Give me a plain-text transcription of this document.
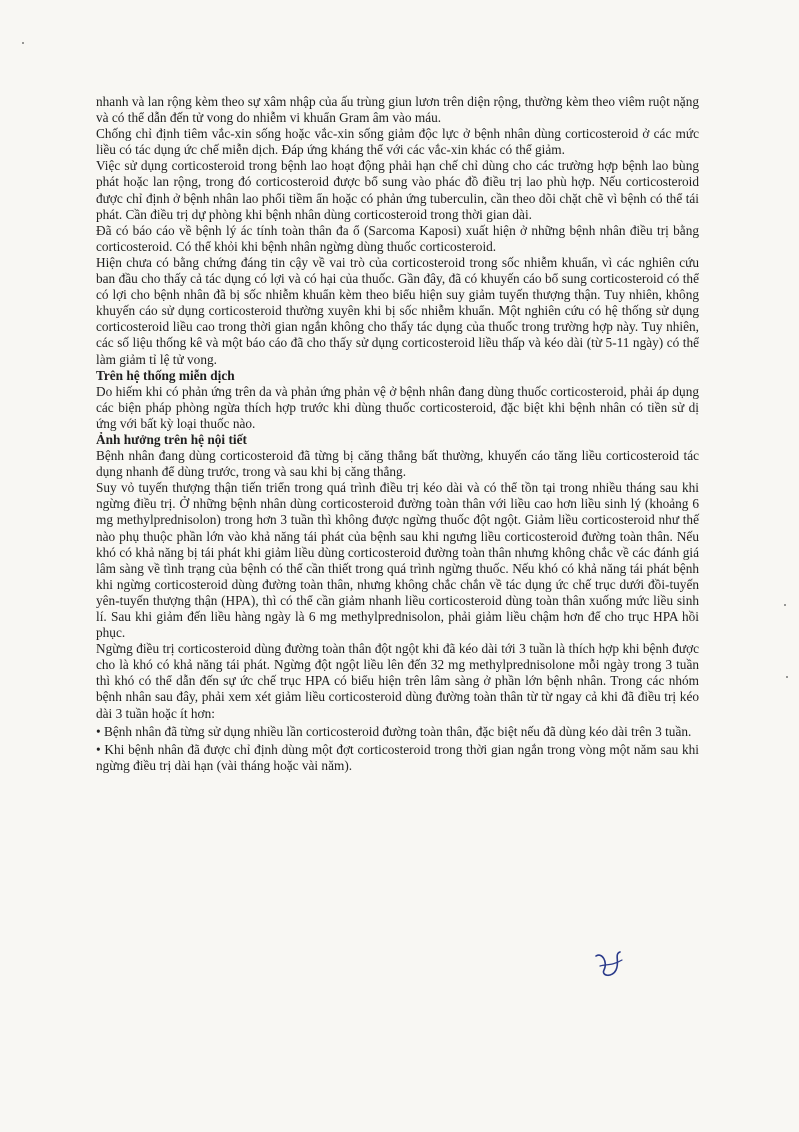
nhanh và lan rộng kèm theo sự xâm nhập của ấu trùng giun lươn trên diện rộng, thường kèm theo viêm ruột nặng và có thể dẫn đến tử vong do nhiễm vi khuẩn Gram âm vào máu.

Chống chỉ định tiêm vắc-xin sống hoặc vắc-xin sống giảm độc lực ở bệnh nhân dùng corticosteroid ở các mức liều có tác dụng ức chế miễn dịch. Đáp ứng kháng thể với các vắc-xin khác có thể giảm.

Việc sử dụng corticosteroid trong bệnh lao hoạt động phải hạn chế chỉ dùng cho các trường hợp bệnh lao bùng phát hoặc lan rộng, trong đó corticosteroid được bổ sung vào phác đồ điều trị lao phù hợp. Nếu corticosteroid được chỉ định ở bệnh nhân lao phổi tiềm ẩn hoặc có phản ứng tuberculin, cần theo dõi chặt chẽ vì bệnh có thể tái phát. Cần điều trị dự phòng khi bệnh nhân dùng corticosteroid trong thời gian dài.

Đã có báo cáo về bệnh lý ác tính toàn thân đa ổ (Sarcoma Kaposi) xuất hiện ở những bệnh nhân điều trị bằng corticosteroid. Có thể khỏi khi bệnh nhân ngừng dùng thuốc corticosteroid.

Hiện chưa có bằng chứng đáng tin cậy về vai trò của corticosteroid trong sốc nhiễm khuẩn, vì các nghiên cứu ban đầu cho thấy cả tác dụng có lợi và có hại của thuốc. Gần đây, đã có khuyến cáo bổ sung corticosteroid có thể có lợi cho bệnh nhân đã bị sốc nhiễm khuẩn kèm theo biểu hiện suy giảm tuyến thượng thận. Tuy nhiên, không khuyến cáo sử dụng corticosteroid thường xuyên khi bị sốc nhiễm khuẩn. Một nghiên cứu có hệ thống sử dụng corticosteroid liều cao trong thời gian ngắn không cho thấy tác dụng của thuốc trong trường hợp này. Tuy nhiên, các số liệu thống kê và một báo cáo đã cho thấy sử dụng corticosteroid liều thấp và kéo dài (từ 5-11 ngày) có thể làm giảm tỉ lệ tử vong.

Trên hệ thống miễn dịch

Do hiếm khi có phản ứng trên da và phản ứng phản vệ ở bệnh nhân đang dùng thuốc corticosteroid, phải áp dụng các biện pháp phòng ngừa thích hợp trước khi dùng thuốc corticosteroid, đặc biệt khi bệnh nhân có tiền sử dị ứng với bất kỳ loại thuốc nào.

Ảnh hưởng trên hệ nội tiết

Bệnh nhân đang dùng corticosteroid đã từng bị căng thẳng bất thường, khuyến cáo tăng liều corticosteroid tác dụng nhanh để dùng trước, trong và sau khi bị căng thẳng.

Suy vỏ tuyến thượng thận tiến triển trong quá trình điều trị kéo dài và có thể tồn tại trong nhiều tháng sau khi ngừng điều trị. Ở những bệnh nhân dùng corticosteroid đường toàn thân với liều cao hơn liều sinh lý (khoảng 6 mg methylprednisolon) trong hơn 3 tuần thì không được ngừng thuốc đột ngột. Giảm liều corticosteroid như thế nào phụ thuộc phần lớn vào khả năng tái phát của bệnh sau khi ngưng liều corticosteroid đường toàn thân. Nếu khó có khả năng bị tái phát khi giảm liều dùng corticosteroid đường toàn thân nhưng không chắc về các đánh giá lâm sàng về tình trạng của bệnh có thể cần thiết trong quá trình ngừng thuốc. Nếu khó có khả năng tái phát bệnh khi ngừng corticosteroid dùng đường toàn thân, nhưng không chắc chắn về tác dụng ức chế trục dưới đồi-tuyến yên-tuyến thượng thận (HPA), thì có thể cần giảm nhanh liều corticosteroid dùng toàn thân xuống mức liều sinh lí. Sau khi giảm đến liều hàng ngày là 6 mg methylprednisolon, phải giảm liều chậm hơn để cho trục HPA hồi phục.

Ngừng điều trị corticosteroid dùng đường toàn thân đột ngột khi đã kéo dài tới 3 tuần là thích hợp khi bệnh được cho là khó có khả năng tái phát. Ngừng đột ngột liều lên đến 32 mg methylprednisolone mỗi ngày trong 3 tuần thì khó có thể dẫn đến sự ức chế trục HPA có biểu hiện trên lâm sàng ở phần lớn bệnh nhân. Trong các nhóm bệnh nhân sau đây, phải xem xét giảm liều corticosteroid dùng đường toàn thân từ từ ngay cả khi đã điều trị kéo dài 3 tuần hoặc ít hơn:

• Bệnh nhân đã từng sử dụng nhiều lần corticosteroid đường toàn thân, đặc biệt nếu đã dùng kéo dài trên 3 tuần.

• Khi bệnh nhân đã được chỉ định dùng một đợt corticosteroid trong thời gian ngắn trong vòng một năm sau khi ngừng điều trị dài hạn (vài tháng hoặc vài năm).
